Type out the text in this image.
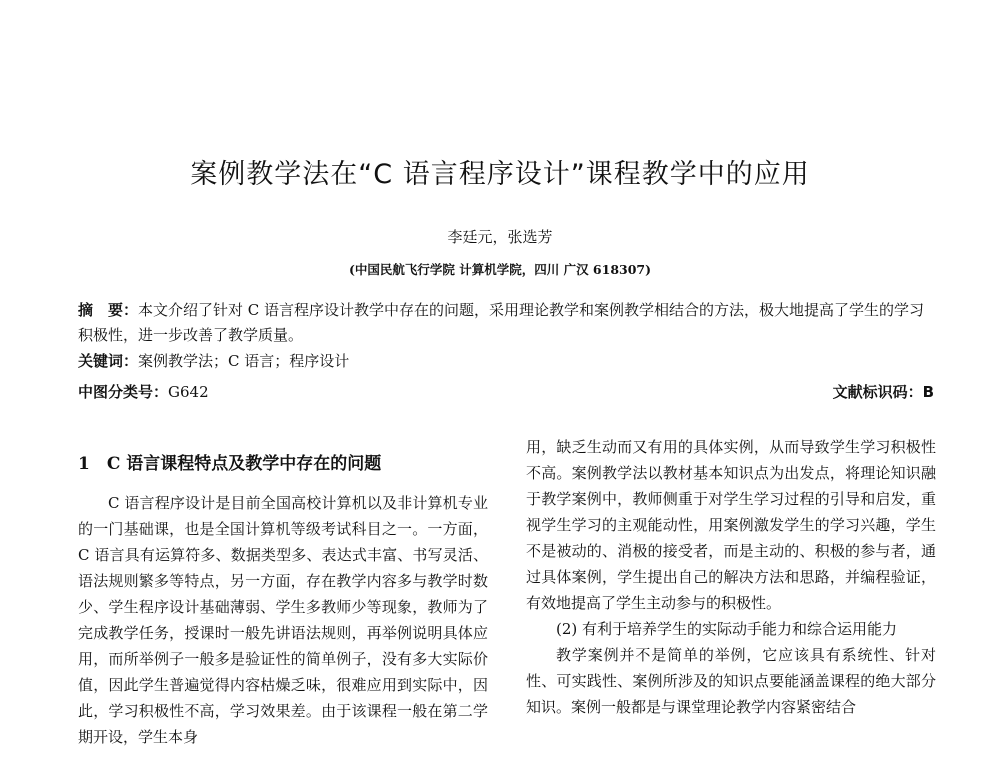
案例教学法在“C 语言程序设计”课程教学中的应用
李廷元，张选芳
(中国民航飞行学院 计算机学院，四川 广汉 618307)

摘　要：本文介绍了针对 C 语言程序设计教学中存在的问题，采用理论教学和案例教学相结合的方法，极大地提高了学生的学习积极性，进一步改善了教学质量。

关键词：案例教学法；C 语言；程序设计
中图分类号：G642	文献标识码：B
1　C 语言课程特点及教学中存在的问题

C 语言程序设计是目前全国高校计算机以及非计算机专业的一门基础课，也是全国计算机等级考试科目之一。一方面，C 语言具有运算符多、数据类型多、表达式丰富、书写灵活、语法规则繁多等特点，另一方面，存在教学内容多与教学时数少、学生程序设计基础薄弱、学生多教师少等现象，教师为了完成教学任务，授课时一般先讲语法规则，再举例说明具体应用，而所举例子一般多是验证性的简单例子，没有多大实际价值，因此学生普遍觉得内容枯燥乏味，很难应用到实际中，因此，学习积极性不高，学习效果差。由于该课程一般在第二学期开设，学生本身

用，缺乏生动而又有用的具体实例，从而导致学生学习积极性不高。案例教学法以教材基本知识点为出发点，将理论知识融于教学案例中，教师侧重于对学生学习过程的引导和启发，重视学生学习的主观能动性，用案例激发学生的学习兴趣，学生不是被动的、消极的接受者，而是主动的、积极的参与者，通过具体案例，学生提出自己的解决方法和思路，并编程验证，有效地提高了学生主动参与的积极性。

(2) 有利于培养学生的实际动手能力和综合运用能力

教学案例并不是简单的举例，它应该具有系统性、针对性、可实践性、案例所涉及的知识点要能涵盖课程的绝大部分知识。案例一般都是与课堂理论教学内容紧密结合
